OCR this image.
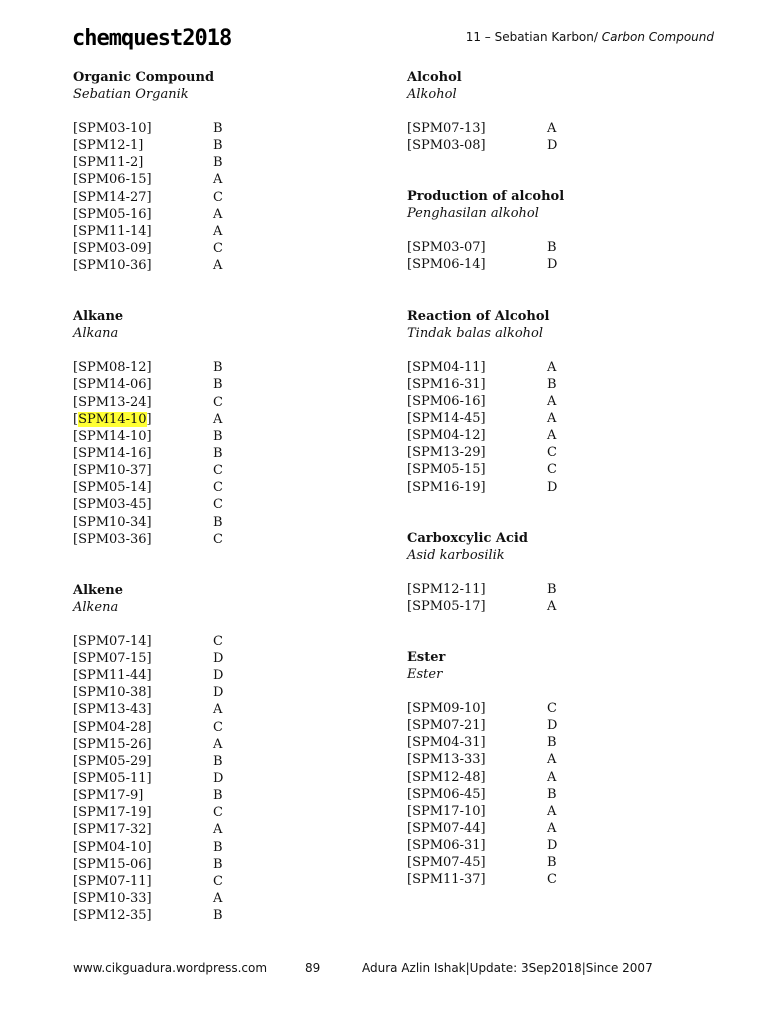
chemquest2018	11 – Sebatian Karbon/ Carbon Compound
Organic Compound
Sebatian Organik
[SPM03-10]	B
[SPM12-1]	B
[SPM11-2]	B
[SPM06-15]	A
[SPM14-27]	C
[SPM05-16]	A
[SPM11-14]	A
[SPM03-09]	C
[SPM10-36]	A
Alkane
Alkana
[SPM08-12]	B
[SPM14-06]	B
[SPM13-24]	C
[SPM14-10]	A
[SPM14-10]	B
[SPM14-16]	B
[SPM10-37]	C
[SPM05-14]	C
[SPM03-45]	C
[SPM10-34]	B
[SPM03-36]	C
Alkene
Alkena
[SPM07-14]	C
[SPM07-15]	D
[SPM11-44]	D
[SPM10-38]	D
[SPM13-43]	A
[SPM04-28]	C
[SPM15-26]	A
[SPM05-29]	B
[SPM05-11]	D
[SPM17-9]	B
[SPM17-19]	C
[SPM17-32]	A
[SPM04-10]	B
[SPM15-06]	B
[SPM07-11]	C
[SPM10-33]	A
[SPM12-35]	B
Alcohol
Alkohol
[SPM07-13]	A
[SPM03-08]	D
Production of alcohol
Penghasilan alkohol
[SPM03-07]	B
[SPM06-14]	D
Reaction of Alcohol
Tindak balas alkohol
[SPM04-11]	A
[SPM16-31]	B
[SPM06-16]	A
[SPM14-45]	A
[SPM04-12]	A
[SPM13-29]	C
[SPM05-15]	C
[SPM16-19]	D
Carboxcylic Acid
Asid karbosilik
[SPM12-11]	B
[SPM05-17]	A
Ester
Ester
[SPM09-10]	C
[SPM07-21]	D
[SPM04-31]	B
[SPM13-33]	A
[SPM12-48]	A
[SPM06-45]	B
[SPM17-10]	A
[SPM07-44]	A
[SPM06-31]	D
[SPM07-45]	B
[SPM11-37]	C
www.cikguadura.wordpress.com	89	Adura Azlin Ishak|Update: 3Sep2018|Since 2007
